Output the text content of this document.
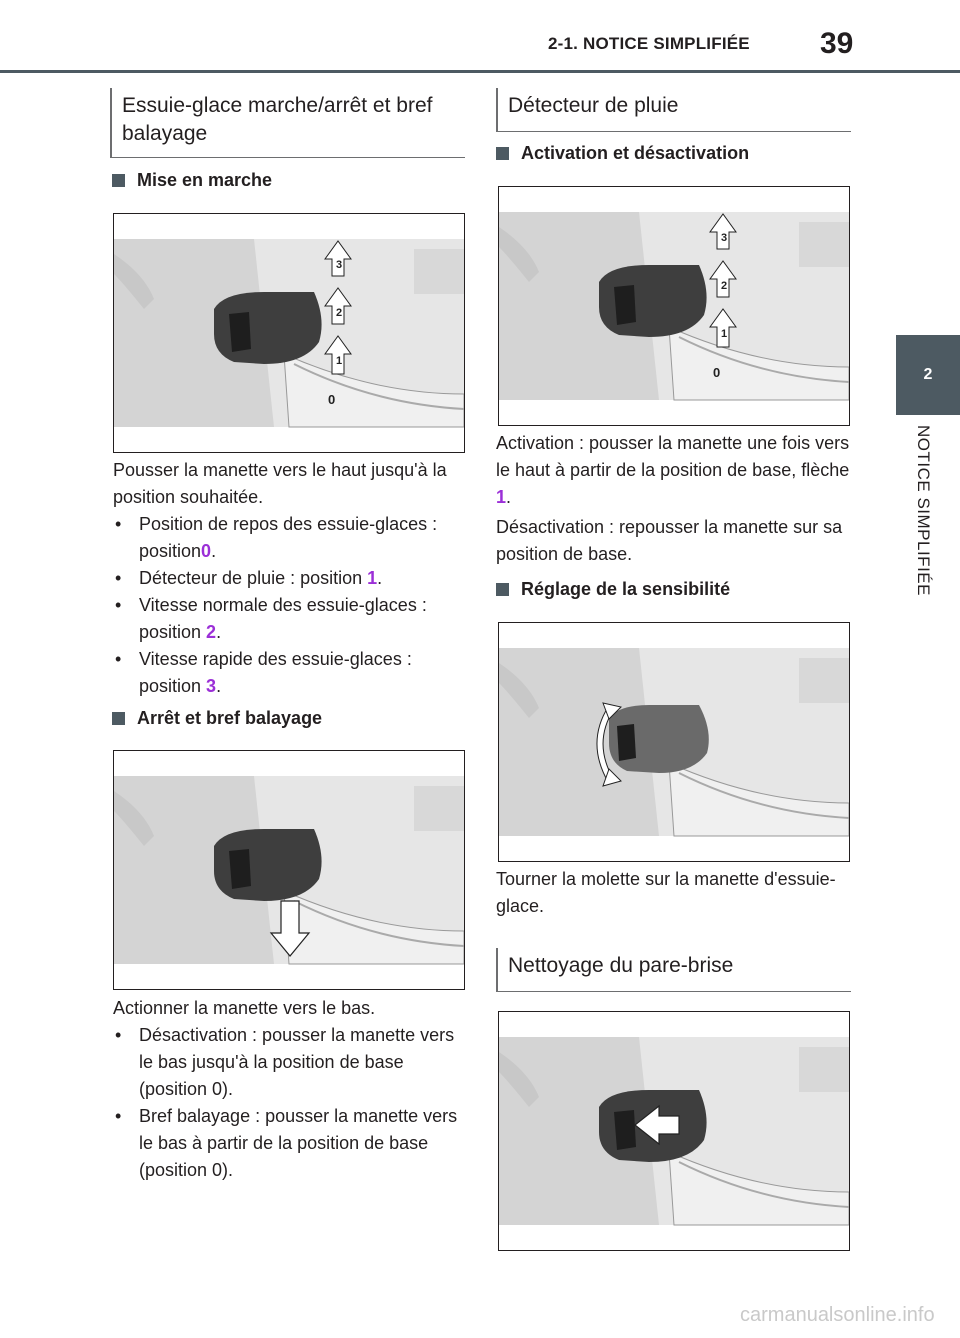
2-1. NOTICE SIMPLIFIÉE 39
2
NOTICE SIMPLIFIÉE
Essuie-glace marche/arrêt et bref balayage
Mise en marche
1
2
3
0
Pousser la manette vers le haut jusqu'à la position souhaitée.
• Position de repos des essuie-glaces : position0.
• Détecteur de pluie : position 1.
• Vitesse normale des essuie-glaces : position 2.
• Vitesse rapide des essuie-glaces : position 3.
Arrêt et bref balayage
Actionner la manette vers le bas.
• Désactivation : pousser la manette vers le bas jusqu'à la position de base (position 0).
• Bref balayage : pousser la manette vers le bas à partir de la position de base (position 0).
Détecteur de pluie
Activation et désactivation
1
2
3
0
Activation : pousser la manette une fois vers le haut à partir de la position de base, flèche 1.
Désactivation : repousser la manette sur sa position de base.
Réglage de la sensibilité
Tourner la molette sur la manette d'essuie-glace.
Nettoyage du pare-brise
carmanualsonline.info
